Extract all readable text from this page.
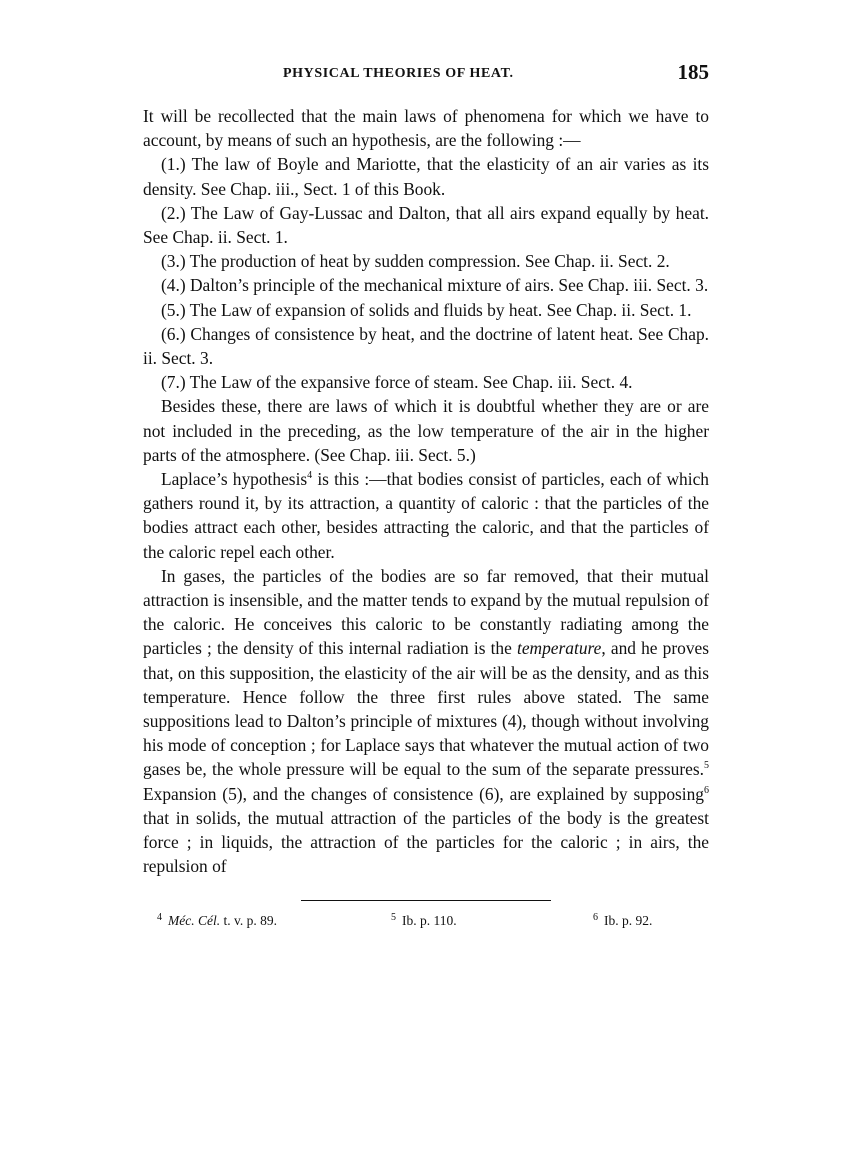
PHYSICAL THEORIES OF HEAT.	185

It will be recollected that the main laws of phenomena for which we have to account, by means of such an hypothesis, are the following :—

(1.) The law of Boyle and Mariotte, that the elasticity of an air varies as its density. See Chap. iii., Sect. 1 of this Book.

(2.) The Law of Gay-Lussac and Dalton, that all airs expand equally by heat. See Chap. ii. Sect. 1.

(3.) The production of heat by sudden compression. See Chap. ii. Sect. 2.

(4.) Dalton’s principle of the mechanical mixture of airs. See Chap. iii. Sect. 3.

(5.) The Law of expansion of solids and fluids by heat. See Chap. ii. Sect. 1.

(6.) Changes of consistence by heat, and the doctrine of latent heat. See Chap. ii. Sect. 3.

(7.) The Law of the expansive force of steam. See Chap. iii. Sect. 4.

Besides these, there are laws of which it is doubtful whether they are or are not included in the preceding, as the low temperature of the air in the higher parts of the atmosphere. (See Chap. iii. Sect. 5.)

Laplace’s hypothesis$^4$ is this :—that bodies consist of particles, each of which gathers round it, by its attraction, a quantity of caloric : that the particles of the bodies attract each other, besides attracting the caloric, and that the particles of the caloric repel each other.

In gases, the particles of the bodies are so far removed, that their mutual attraction is insensible, and the matter tends to expand by the mutual repulsion of the caloric. He conceives this caloric to be constantly radiating among the particles ; the density of this internal radiation is the temperature, and he proves that, on this supposition, the elasticity of the air will be as the density, and as this temperature. Hence follow the three first rules above stated. The same suppositions lead to Dalton’s principle of mixtures (4), though without involving his mode of conception ; for Laplace says that whatever the mutual action of two gases be, the whole pressure will be equal to the sum of the separate pressures.$^5$ Expansion (5), and the changes of consistence (6), are explained by supposing$^6$ that in solids, the mutual attraction of the particles of the body is the greatest force ; in liquids, the attraction of the particles for the caloric ; in airs, the repulsion of

$^4$ Méc. Cél. t. v. p. 89.	$^5$ Ib. p. 110.	$^6$ Ib. p. 92.
